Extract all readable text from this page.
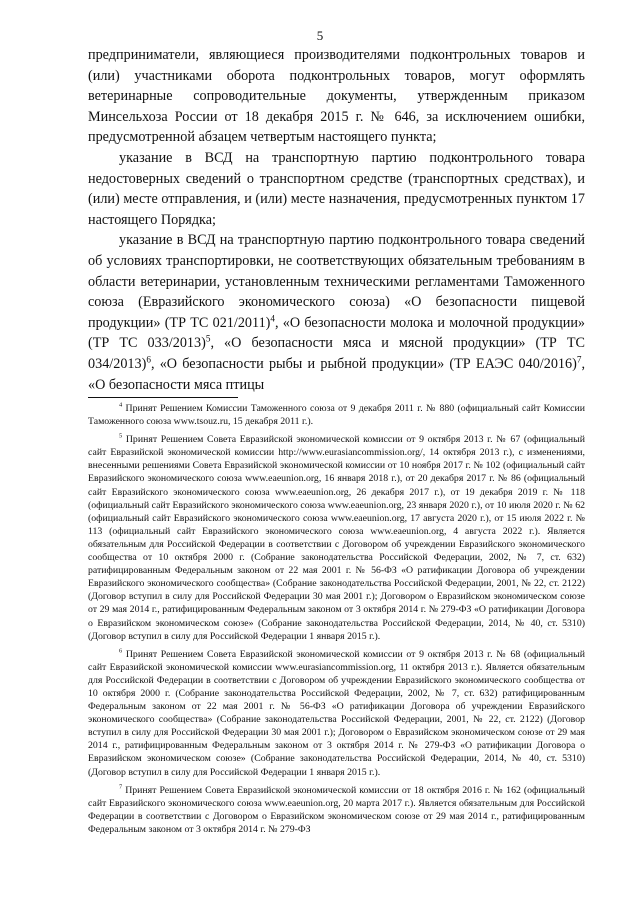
5

предприниматели, являющиеся производителями подконтрольных товаров и (или) участниками оборота подконтрольных товаров, могут оформлять ветеринарные сопроводительные документы, утвержденным приказом Минсельхоза России от 18 декабря 2015 г. № 646, за исключением ошибки, предусмотренной абзацем четвертым настоящего пункта;

указание в ВСД на транспортную партию подконтрольного товара недостоверных сведений о транспортном средстве (транспортных средствах), и (или) месте отправления, и (или) месте назначения, предусмотренных пунктом 17 настоящего Порядка;

указание в ВСД на транспортную партию подконтрольного товара сведений об условиях транспортировки, не соответствующих обязательным требованиям в области ветеринарии, установленным техническими регламентами Таможенного союза (Евразийского экономического союза) «О безопасности пищевой продукции» (ТР ТС 021/2011)$^4$, «О безопасности молока и молочной продукции» (ТР ТС 033/2013)$^5$, «О безопасности мяса и мясной продукции» (ТР ТС 034/2013)$^6$, «О безопасности рыбы и рыбной продукции» (ТР ЕАЭС 040/2016)$^7$, «О безопасности мяса птицы

$^4$ Принят Решением Комиссии Таможенного союза от 9 декабря 2011 г. № 880 (официальный сайт Комиссии Таможенного союза www.tsouz.ru, 15 декабря 2011 г.).

$^5$ Принят Решением Совета Евразийской экономической комиссии от 9 октября 2013 г. № 67 (официальный сайт Евразийской экономической комиссии http://www.eurasiancommission.org/, 14 октября 2013 г.), с изменениями, внесенными решениями Совета Евразийской экономической комиссии от 10 ноября 2017 г. № 102 (официальный сайт Евразийского экономического союза www.eaeunion.org, 16 января 2018 г.), от 20 декабря 2017 г. № 86 (официальный сайт Евразийского экономического союза www.eaeunion.org, 26 декабря 2017 г.), от 19 декабря 2019 г. № 118 (официальный сайт Евразийского экономического союза www.eaeunion.org, 23 января 2020 г.), от 10 июля 2020 г. № 62 (официальный сайт Евразийского экономического союза www.eaeunion.org, 17 августа 2020 г.), от 15 июля 2022 г. № 113 (официальный сайт Евразийского экономического союза www.eaeunion.org, 4 августа 2022 г.). Является обязательным для Российской Федерации в соответствии с Договором об учреждении Евразийского экономического сообщества от 10 октября 2000 г. (Собрание законодательства Российской Федерации, 2002, № 7, ст. 632) ратифицированным Федеральным законом от 22 мая 2001 г. № 56-ФЗ «О ратификации Договора об учреждении Евразийского экономического сообщества» (Собрание законодательства Российской Федерации, 2001, № 22, ст. 2122) (Договор вступил в силу для Российской Федерации 30 мая 2001 г.); Договором о Евразийском экономическом союзе от 29 мая 2014 г., ратифицированным Федеральным законом от 3 октября 2014 г. № 279-ФЗ «О ратификации Договора о Евразийском экономическом союзе» (Собрание законодательства Российской Федерации, 2014, № 40, ст. 5310) (Договор вступил в силу для Российской Федерации 1 января 2015 г.).

$^6$ Принят Решением Совета Евразийской экономической комиссии от 9 октября 2013 г. № 68 (официальный сайт Евразийской экономической комиссии www.eurasiancommission.org, 11 октября 2013 г.). Является обязательным для Российской Федерации в соответствии с Договором об учреждении Евразийского экономического сообщества от 10 октября 2000 г. (Собрание законодательства Российской Федерации, 2002, № 7, ст. 632) ратифицированным Федеральным законом от 22 мая 2001 г. № 56-ФЗ «О ратификации Договора об учреждении Евразийского экономического сообщества» (Собрание законодательства Российской Федерации, 2001, № 22, ст. 2122) (Договор вступил в силу для Российской Федерации 30 мая 2001 г.); Договором о Евразийском экономическом союзе от 29 мая 2014 г., ратифицированным Федеральным законом от 3 октября 2014 г. № 279-ФЗ «О ратификации Договора о Евразийском экономическом союзе» (Собрание законодательства Российской Федерации, 2014, № 40, ст. 5310) (Договор вступил в силу для Российской Федерации 1 января 2015 г.).

$^7$ Принят Решением Совета Евразийской экономической комиссии от 18 октября 2016 г. № 162 (официальный сайт Евразийского экономического союза www.eaeunion.org, 20 марта 2017 г.). Является обязательным для Российской Федерации в соответствии с Договором о Евразийском экономическом союзе от 29 мая 2014 г., ратифицированным Федеральным законом от 3 октября 2014 г. № 279-ФЗ
